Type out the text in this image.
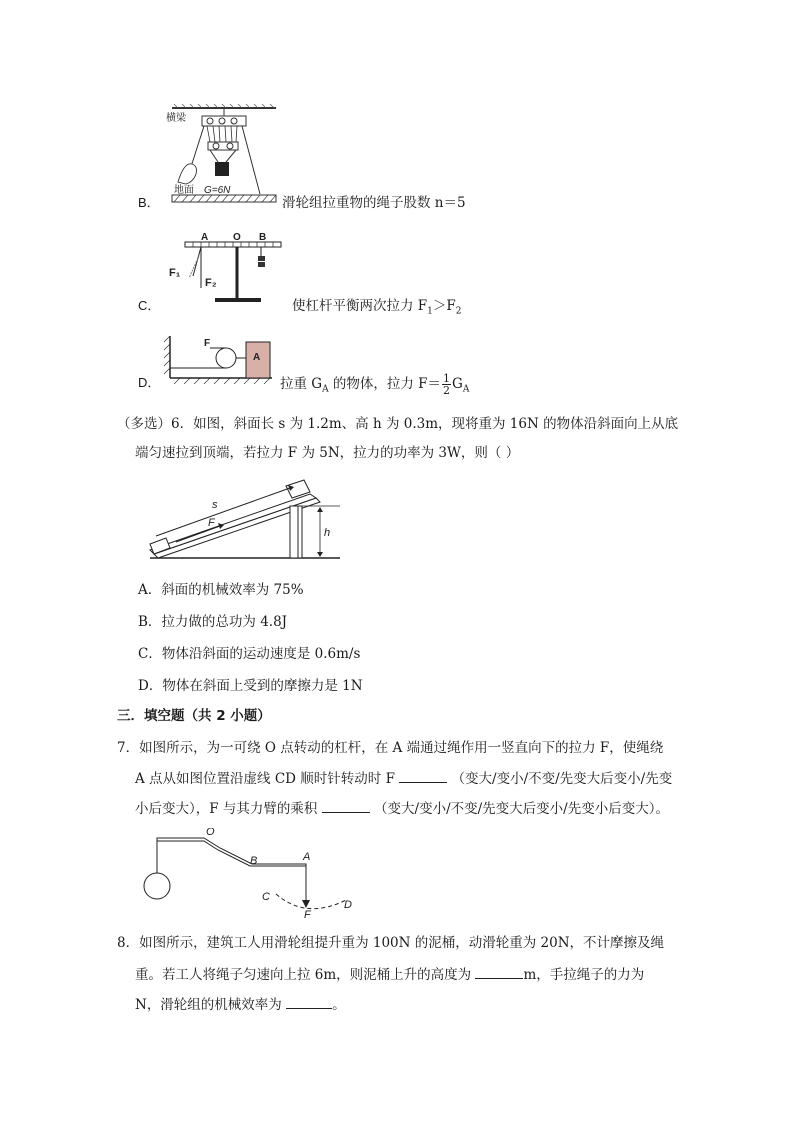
横梁
地面 G=6N
B．	滑轮组拉重物的绳子股数 n＝5
A O B
F₁
F₂
C．	使杠杆平衡两次拉力 $F_1>F_2$
A
F
D．	拉重 $G_A$ 的物体，拉力 $F= \frac{1}{2} G_A$
（多选）6．如图，斜面长 s 为 1.2m、高 h 为 0.3m，现将重为 16N 的物体沿斜面向上从底
端匀速拉到顶端，若拉力 F 为 5N，拉力的功率为 3W，则（ ）
s
F
h
A．斜面的机械效率为 75%
B．拉力做的总功为 4.8J
C．物体沿斜面的运动速度是 0.6m/s
D．物体在斜面上受到的摩擦力是 1N
三．填空题（共 2 小题）
7．如图所示，为一可绕 O 点转动的杠杆，在 A 端通过绳作用一竖直向下的拉力 F，使绳绕
A 点从如图位置沿虚线 CD 顺时针转动时 F	（变大/变小/不变/先变大后变小/先变
小后变大），F 与其力臂的乘积	（变大/变小/不变/先变大后变小/先变小后变大）。
O
B	A
C
D
F
8．如图所示，建筑工人用滑轮组提升重为 100N 的泥桶，动滑轮重为 20N，不计摩擦及绳
重。若工人将绳子匀速向上拉 6m，则泥桶上升的高度为	m，手拉绳子的力为
N，滑轮组的机械效率为	。
